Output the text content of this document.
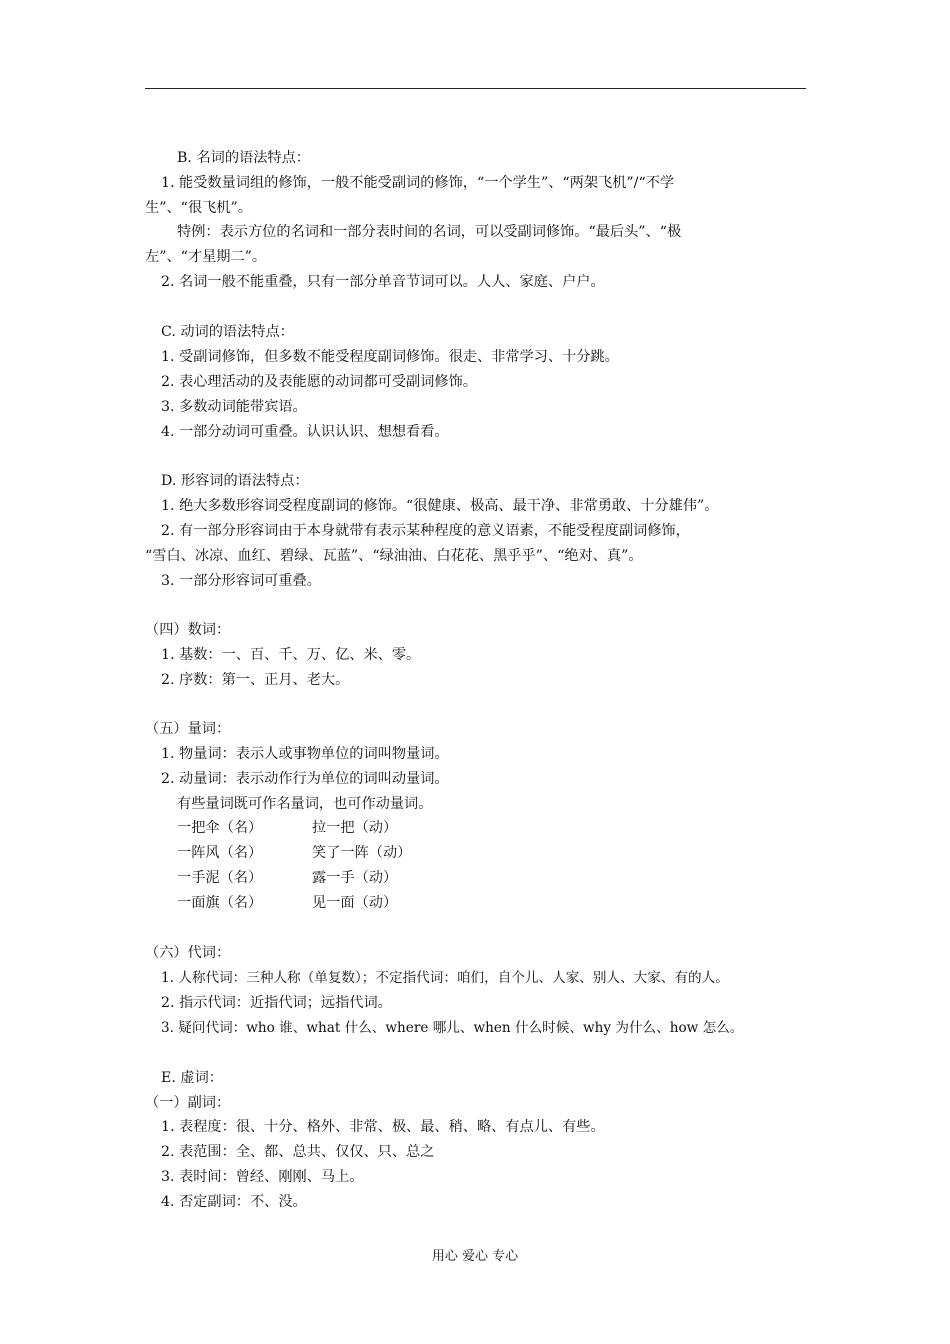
B. 名词的语法特点：
1. 能受数量词组的修饰，一般不能受副词的修饰，“一个学生”、“两架飞机”/“不学
生”、“很飞机”。
特例：表示方位的名词和一部分表时间的名词，可以受副词修饰。“最后头”、“极
左”、“才星期二”。
2. 名词一般不能重叠，只有一部分单音节词可以。人人、家庭、户户。
C. 动词的语法特点：
1. 受副词修饰，但多数不能受程度副词修饰。很走、非常学习、十分跳。
2. 表心理活动的及表能愿的动词都可受副词修饰。
3. 多数动词能带宾语。
4. 一部分动词可重叠。认识认识、想想看看。
D. 形容词的语法特点：
1. 绝大多数形容词受程度副词的修饰。“很健康、极高、最干净、非常勇敢、十分雄伟”。
2. 有一部分形容词由于本身就带有表示某种程度的意义语素，不能受程度副词修饰，
“雪白、冰凉、血红、碧绿、瓦蓝”、“绿油油、白花花、黑乎乎”、“绝对、真”。
3. 一部分形容词可重叠。
（四）数词：
1. 基数：一、百、千、万、亿、米、零。
2. 序数：第一、正月、老大。
（五）量词：
1. 物量词：表示人或事物单位的词叫物量词。
2. 动量词：表示动作行为单位的词叫动量词。
有些量词既可作名量词，也可作动量词。
一把伞（名）	拉一把（动）
一阵风（名）	笑了一阵（动）
一手泥（名）	露一手（动）
一面旗（名）	见一面（动）
（六）代词：
1. 人称代词：三种人称（单复数）；不定指代词：咱们，自个儿、人家、别人、大家、有的人。
2. 指示代词：近指代词；远指代词。
3. 疑问代词：who 谁、what 什么、where 哪儿、when 什么时候、why 为什么、how 怎么。
E. 虚词：
（一）副词：
1. 表程度：很、十分、格外、非常、极、最、稍、略、有点儿、有些。
2. 表范围：全、都、总共、仅仅、只、总之
3. 表时间：曾经、刚刚、马上。
4. 否定副词：不、没。
用心 爱心 专心
